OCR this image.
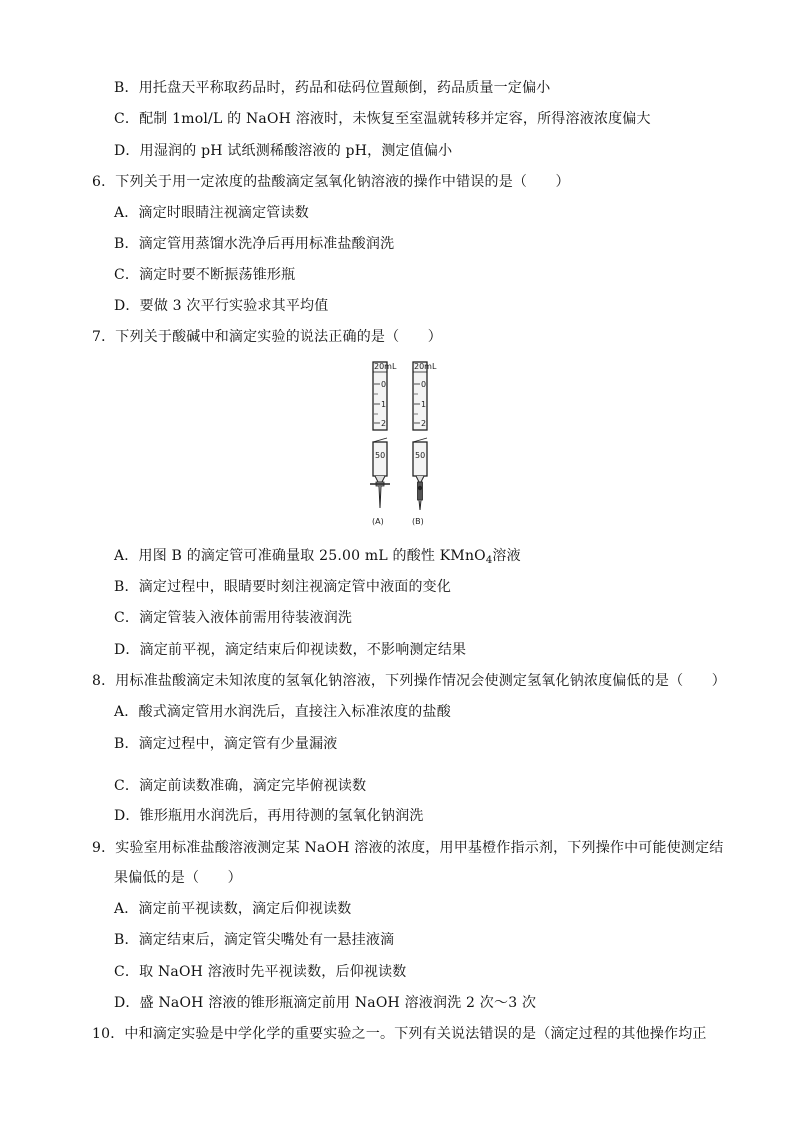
B．用托盘天平称取药品时，药品和砝码位置颠倒，药品质量一定偏小
C．配制 1mol/L 的 NaOH 溶液时，未恢复至室温就转移并定容，所得溶液浓度偏大
D．用湿润的 pH 试纸测稀酸溶液的 pH，测定值偏小
6．下列关于用一定浓度的盐酸滴定氢氧化钠溶液的操作中错误的是（　　）
A．滴定时眼睛注视滴定管读数
B．滴定管用蒸馏水洗净后再用标准盐酸润洗
C．滴定时要不断振荡锥形瓶
D．要做 3 次平行实验求其平均值
7．下列关于酸碱中和滴定实验的说法正确的是（　　）
20mL
0
1
2
20mL
0
1
2
50	50
(A)	(B)
A．用图 B 的滴定管可准确量取 25.00 mL 的酸性 KMnO$_4$溶液
B．滴定过程中，眼睛要时刻注视滴定管中液面的变化
C．滴定管装入液体前需用待装液润洗
D．滴定前平视，滴定结束后仰视读数，不影响测定结果
8．用标准盐酸滴定未知浓度的氢氧化钠溶液，下列操作情况会使测定氢氧化钠浓度偏低的是（　　）
A．酸式滴定管用水润洗后，直接注入标准浓度的盐酸
B．滴定过程中，滴定管有少量漏液
C．滴定前读数准确，滴定完毕俯视读数
D．锥形瓶用水润洗后，再用待测的氢氧化钠润洗
9．实验室用标准盐酸溶液测定某 NaOH 溶液的浓度，用甲基橙作指示剂，下列操作中可能使测定结
果偏低的是（　　）
A．滴定前平视读数，滴定后仰视读数
B．滴定结束后，滴定管尖嘴处有一悬挂液滴
C．取 NaOH 溶液时先平视读数，后仰视读数
D．盛 NaOH 溶液的锥形瓶滴定前用 NaOH 溶液润洗 2 次～3 次
10．中和滴定实验是中学化学的重要实验之一。下列有关说法错误的是（滴定过程的其他操作均正
